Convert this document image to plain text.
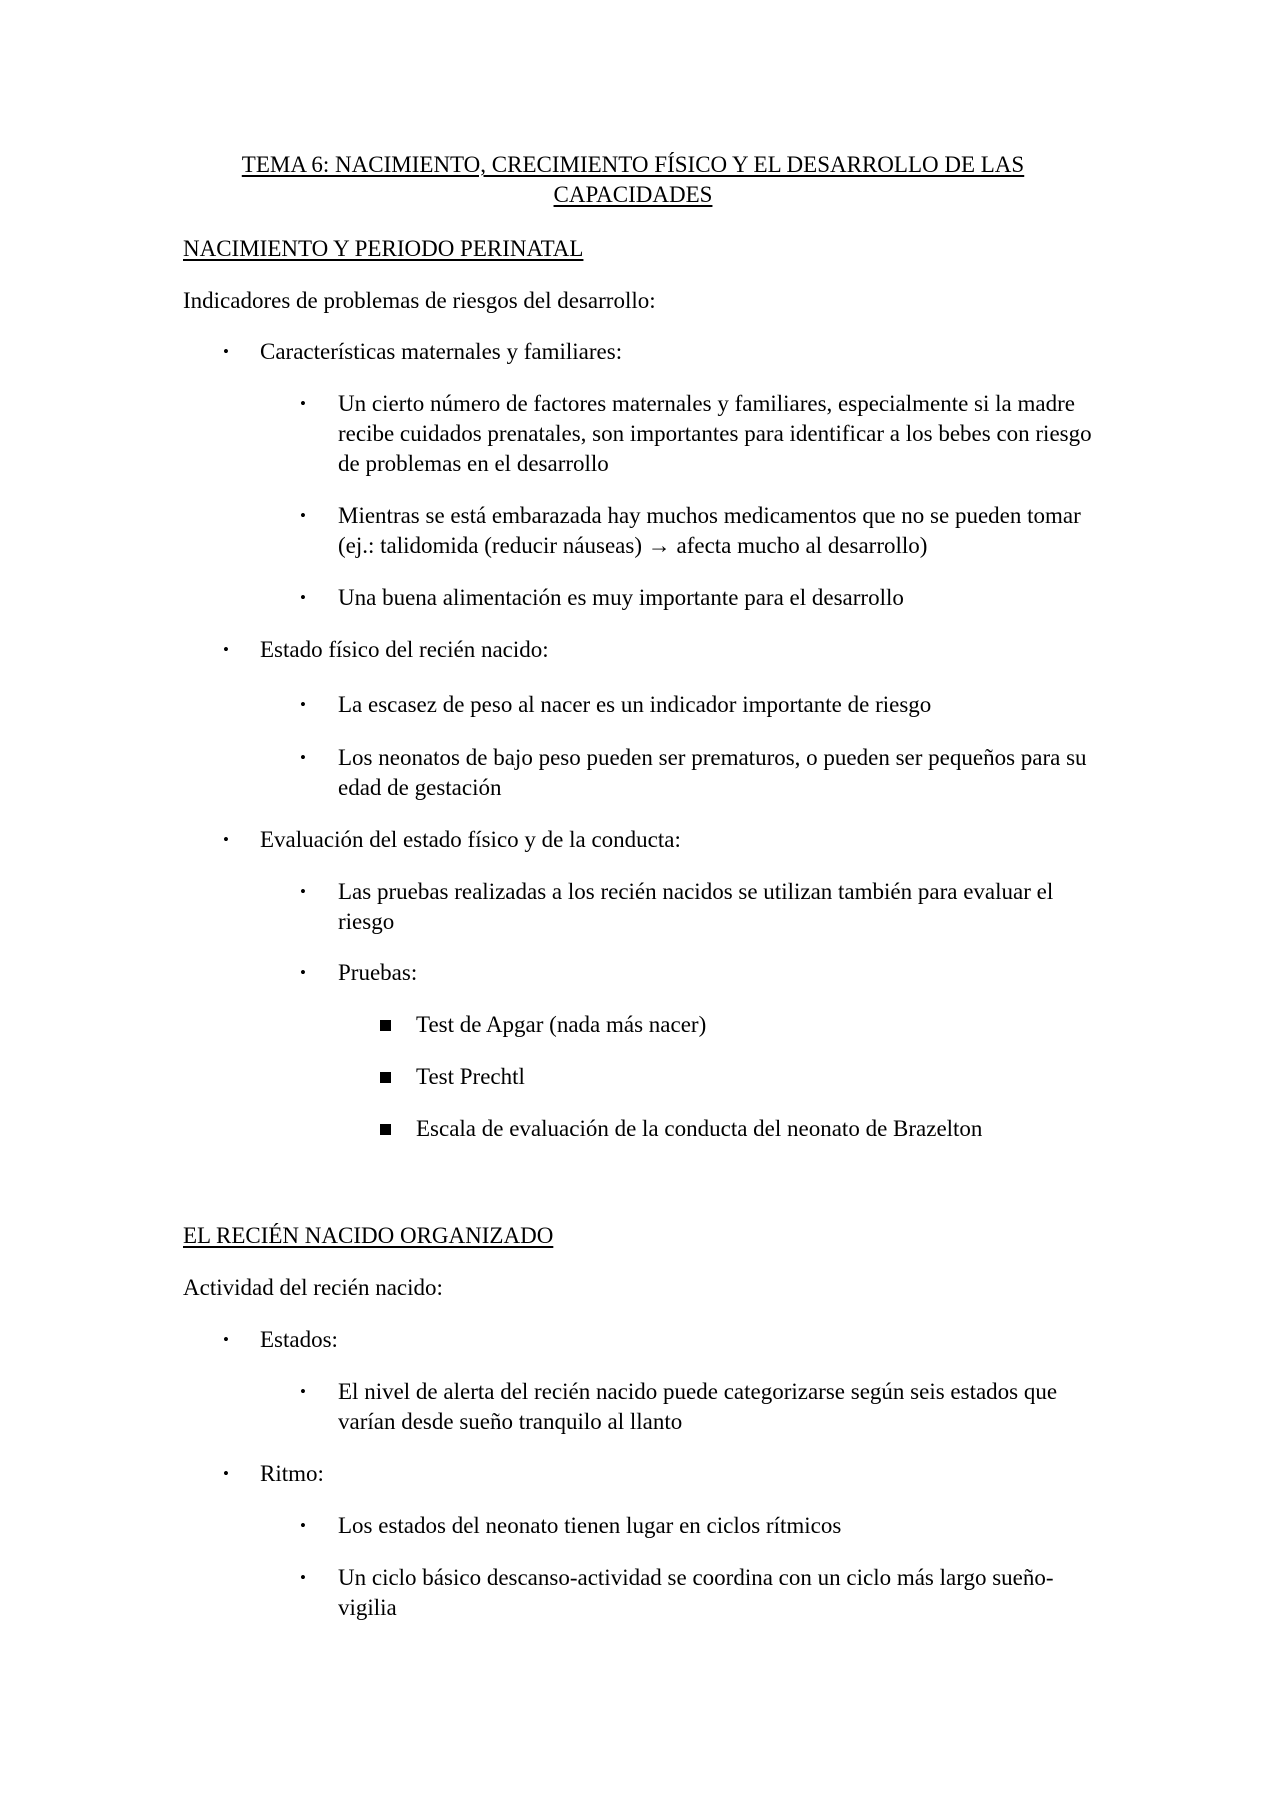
TEMA 6: NACIMIENTO, CRECIMIENTO FÍSICO Y EL DESARROLLO DE LAS CAPACIDADES
NACIMIENTO Y PERIODO PERINATAL
Indicadores de problemas de riesgos del desarrollo:
• Características maternales y familiares:
• Un cierto número de factores maternales y familiares, especialmente si la madre recibe cuidados prenatales, son importantes para identificar a los bebes con riesgo de problemas en el desarrollo
• Mientras se está embarazada hay muchos medicamentos que no se pueden tomar (ej.: talidomida (reducir náuseas) → afecta mucho al desarrollo)
• Una buena alimentación es muy importante para el desarrollo
• Estado físico del recién nacido:
• La escasez de peso al nacer es un indicador importante de riesgo
• Los neonatos de bajo peso pueden ser prematuros, o pueden ser pequeños para su edad de gestación
• Evaluación del estado físico y de la conducta:
• Las pruebas realizadas a los recién nacidos se utilizan también para evaluar el riesgo
• Pruebas:
Test de Apgar (nada más nacer)
Test Prechtl
Escala de evaluación de la conducta del neonato de Brazelton
EL RECIÉN NACIDO ORGANIZADO
Actividad del recién nacido:
• Estados:
• El nivel de alerta del recién nacido puede categorizarse según seis estados que varían desde sueño tranquilo al llanto
• Ritmo:
• Los estados del neonato tienen lugar en ciclos rítmicos
• Un ciclo básico descanso-actividad se coordina con un ciclo más largo sueño-vigilia
